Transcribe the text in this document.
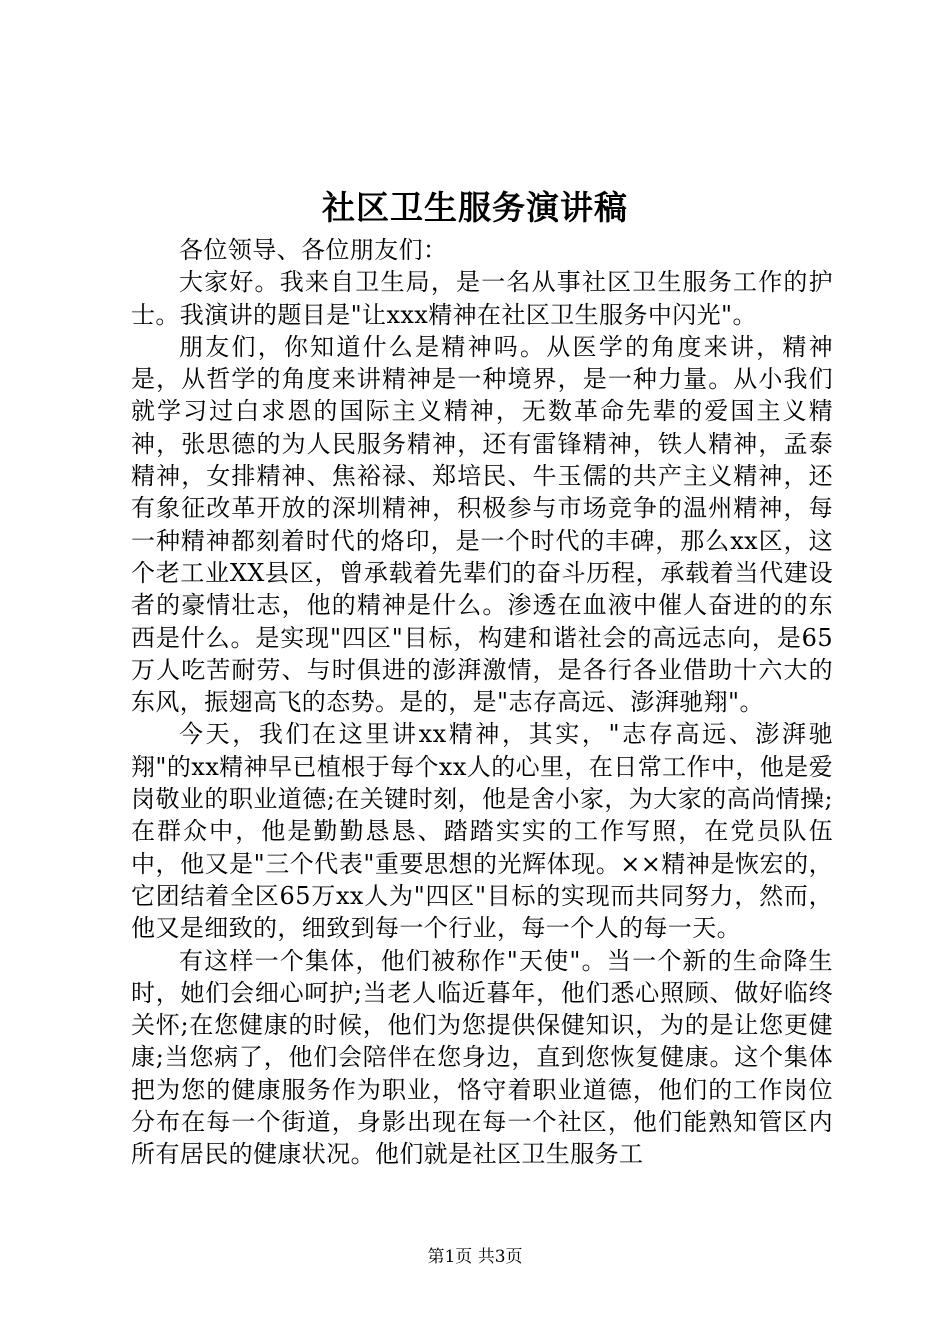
社区卫生服务演讲稿

各位领导、各位朋友们：

大家好。我来自卫生局，是一名从事社区卫生服务工作的护士。我演讲的题目是"让xxx精神在社区卫生服务中闪光"。

朋友们，你知道什么是精神吗。从医学的角度来讲，精神是，从哲学的角度来讲精神是一种境界，是一种力量。从小我们就学习过白求恩的国际主义精神，无数革命先辈的爱国主义精神，张思德的为人民服务精神，还有雷锋精神，铁人精神，孟泰精神，女排精神、焦裕禄、郑培民、牛玉儒的共产主义精神，还有象征改革开放的深圳精神，积极参与市场竞争的温州精神，每一种精神都刻着时代的烙印，是一个时代的丰碑，那么xx区，这个老工业XX县区，曾承载着先辈们的奋斗历程，承载着当代建设者的豪情壮志，他的精神是什么。渗透在血液中催人奋进的的东西是什么。是实现"四区"目标，构建和谐社会的高远志向，是65万人吃苦耐劳、与时俱进的澎湃激情，是各行各业借助十六大的东风，振翅高飞的态势。是的，是"志存高远、澎湃驰翔"。

今天，我们在这里讲xx精神，其实，"志存高远、澎湃驰翔"的xx精神早已植根于每个xx人的心里，在日常工作中，他是爱岗敬业的职业道德;在关键时刻，他是舍小家，为大家的高尚情操;在群众中，他是勤勤恳恳、踏踏实实的工作写照，在党员队伍中，他又是"三个代表"重要思想的光辉体现。××精神是恢宏的，它团结着全区65万xx人为"四区"目标的实现而共同努力，然而，他又是细致的，细致到每一个行业，每一个人的每一天。

有这样一个集体，他们被称作"天使"。当一个新的生命降生时，她们会细心呵护;当老人临近暮年，他们悉心照顾、做好临终关怀;在您健康的时候，他们为您提供保健知识，为的是让您更健康;当您病了，他们会陪伴在您身边，直到您恢复健康。这个集体把为您的健康服务作为职业，恪守着职业道德，他们的工作岗位分布在每一个街道，身影出现在每一个社区，他们能熟知管区内所有居民的健康状况。他们就是社区卫生服务工

第1页 共3页
